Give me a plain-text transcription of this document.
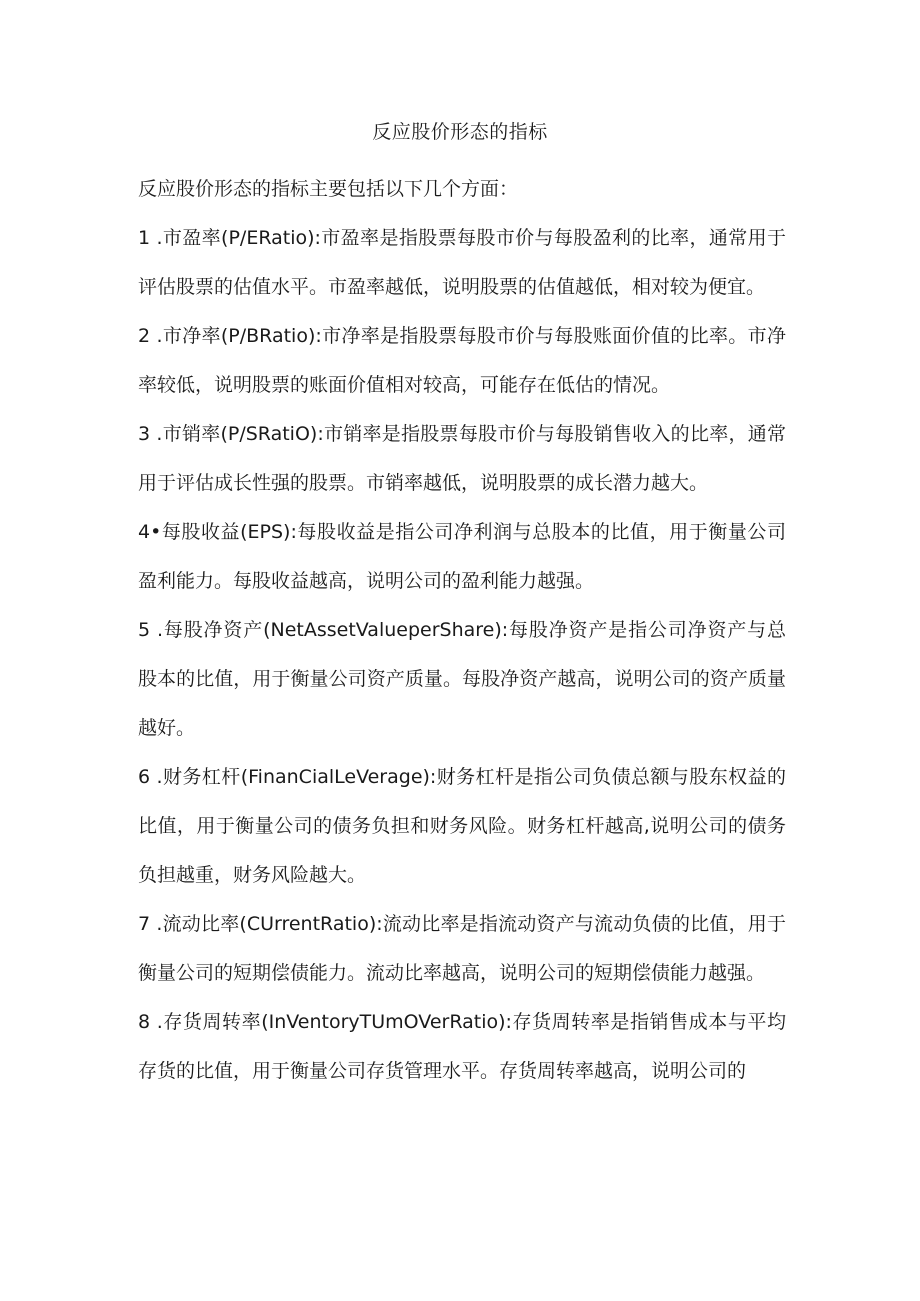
反应股价形态的指标

反应股价形态的指标主要包括以下几个方面：

1 .市盈率(P/ERatio):市盈率是指股票每股市价与每股盈利的比率，通常用于评估股票的估值水平。市盈率越低，说明股票的估值越低，相对较为便宜。

2 .市净率(P/BRatio):市净率是指股票每股市价与每股账面价值的比率。市净率较低，说明股票的账面价值相对较高，可能存在低估的情况。

3 .市销率(P/SRatiO):市销率是指股票每股市价与每股销售收入的比率，通常用于评估成长性强的股票。市销率越低，说明股票的成长潜力越大。

4•每股收益(EPS):每股收益是指公司净利润与总股本的比值，用于衡量公司盈利能力。每股收益越高，说明公司的盈利能力越强。

5 .每股净资产(NetAssetValueperShare):每股净资产是指公司净资产与总股本的比值，用于衡量公司资产质量。每股净资产越高，说明公司的资产质量越好。

6 .财务杠杆(FinanCialLeVerage):财务杠杆是指公司负债总额与股东权益的比值，用于衡量公司的债务负担和财务风险。财务杠杆越高,说明公司的债务负担越重，财务风险越大。

7 .流动比率(CUrrentRatio):流动比率是指流动资产与流动负债的比值，用于衡量公司的短期偿债能力。流动比率越高，说明公司的短期偿债能力越强。

8 .存货周转率(InVentoryTUmOVerRatio):存货周转率是指销售成本与平均存货的比值，用于衡量公司存货管理水平。存货周转率越高，说明公司的
